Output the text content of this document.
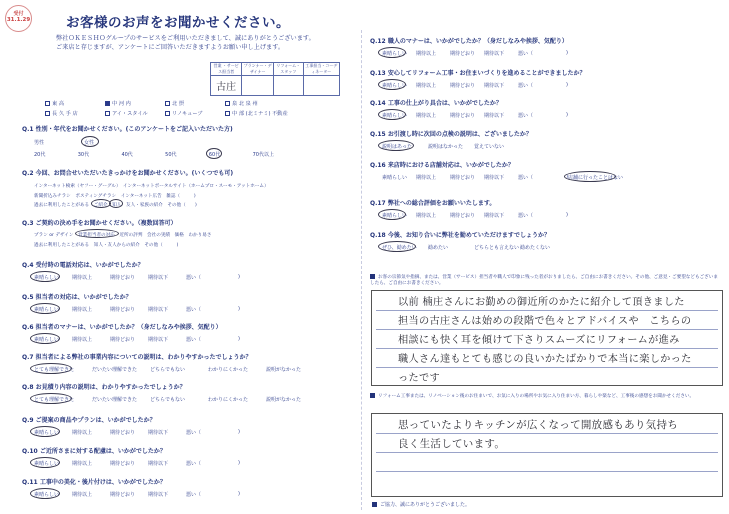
受付
31.1.29	お客様のお声をお聞かせください。
弊社ＯＫＥＳＨＯグループのサービスをご利用いただきまして、誠にありがとうございます。
ご来店と存じますが、アンケートにご回答いただきますようお願い申し上げます。
営業 ・サービス担当者	プランナー・デザイナー	リフォーム・スタッフ	工事担当・コーディネーター
古庄			
東 高	中 河 内	北 摂	泉 北 泉 州
長 久 手 店	アイ・スタイル	リノキューブ	中 部 (北ミナミ) 不動産
Q.1 性別・年代をお聞かせください。(このアンケートをご記入いただいた方)
男性	女性
20代	30代	40代	50代	60代	70代以上
Q.2 今回、お問合せいただいたきっかけをお聞かせください。(いくつでも可)
インターネット検索（ヤフー・グーグル）　 インターネットポータルサイト（ホームプロ・スーモ・アットホーム）
新聞折込みチラシ　 ポスティングチラシ　 インターネット広告　 雑誌（　　　	)
過去に利用したことがある　 ご紹介
　 知人
　 友人・家族の紹介　 その他（　　 )
Q.3 ご契約の決め手をお聞かせください。（複数回答可）
プラン or デザイン　 営業担当者の対応
　 近所の評判　 会社の実績　 価格　 わかり易さ
過去に利用したことがある　 知人・友人からの紹介　 その他（　　　	)
Q.4 受付時の電話対応は、いかがでしたか？
素晴らしい	期待以上	期待どおり	期待以下	悪い（	)
Q.5 担当者の対応は、いかがでしたか？
素晴らしい	期待以上	期待どおり	期待以下	悪い（	)
Q.6 担当者のマナーは、いかがでしたか？（身だしなみや挨拶、気配り）
素晴らしい	期待以上	期待どおり	期待以下	悪い（	)
Q.7 担当者による弊社の事業内容についての説明は、わかりやすかったでしょうか？
とても理解できた	だいたい理解できた	どちらでもない	わかりにくかった	説明がなかった
Q.8 お見積り内容の説明は、わかりやすかったでしょうか？
とても理解できた	だいたい理解できた	どちらでもない	わかりにくかった	説明がなかった
Q.9 ご提案の商品やプランは、いかがでしたか？
素晴らしい	期待以上	期待どおり	期待以下	悪い（	)
Q.10 ご近所さまに対する配慮は、いかがでしたか？
素晴らしい	期待以上	期待どおり	期待以下	悪い（	)
Q.11 工事中の美化・後片付けは、いかがでしたか？
素晴らしい	期待以上	期待どおり	期待以下	悪い（	)
Q.12 職人のマナーは、いかがでしたか？（身だしなみや挨拶、気配り）
素晴らしい	期待以上	期待どおり	期待以下	悪い（	)
Q.13 安心してリフォーム工事・お住まいづくりを進めることができましたか？
素晴らしい	期待以上	期待どおり	期待以下	悪い（	)
Q.14 工事の仕上がり具合は、いかがでしたか？
素晴らしい	期待以上	期待どおり	期待以下	悪い（	)
Q.15 お引渡し時に次回の点検の説明は、ございましたか？
説明はあった	説明はなかった	覚えていない
Q.16 来店時における店舗対応は、いかがでしたか？
素晴らしい	期待以上	期待どおり	期待以下	悪い（	) 店舗に行ったことはない
Q.17 弊社への総合評価をお願いいたします。
素晴らしい	期待以上	期待どおり	期待以下	悪い（	)
Q.18 今後、お知り合いに弊社を勧めていただけますでしょうか？
ぜひ、勧めたい	勧めたい	どちらとも言えない 勧めたくない
お客の宗節気や指摘、または、営業（サービス）担当者や職人で印象に残った者がおりましたら、ご自由にお書きください。その他、ご意見・ご要望などもございましたら、ご自由にお書きください。
以前 楠庄さんにお勤めの御近所のかたに紹介して頂きました
担当の古庄さんは始めの段階で色々とアドバイスや　こちらの
相談にも快く耳を傾けて下さりスムーズにリフォームが進み
職人さん達もとても感じの良いかたばかりで本当に楽しかった
ったです
リフォーム工事または、リノベーション後のお住まいで、お気に入りの場所やお気に入り住まい方、暮らしや楽など、工事後の感想をお聞かせください。
思っていたよりキッチンが広くなって開放感もあり気持ち
良く生活しています。
ご協力、誠にありがとうございました。
